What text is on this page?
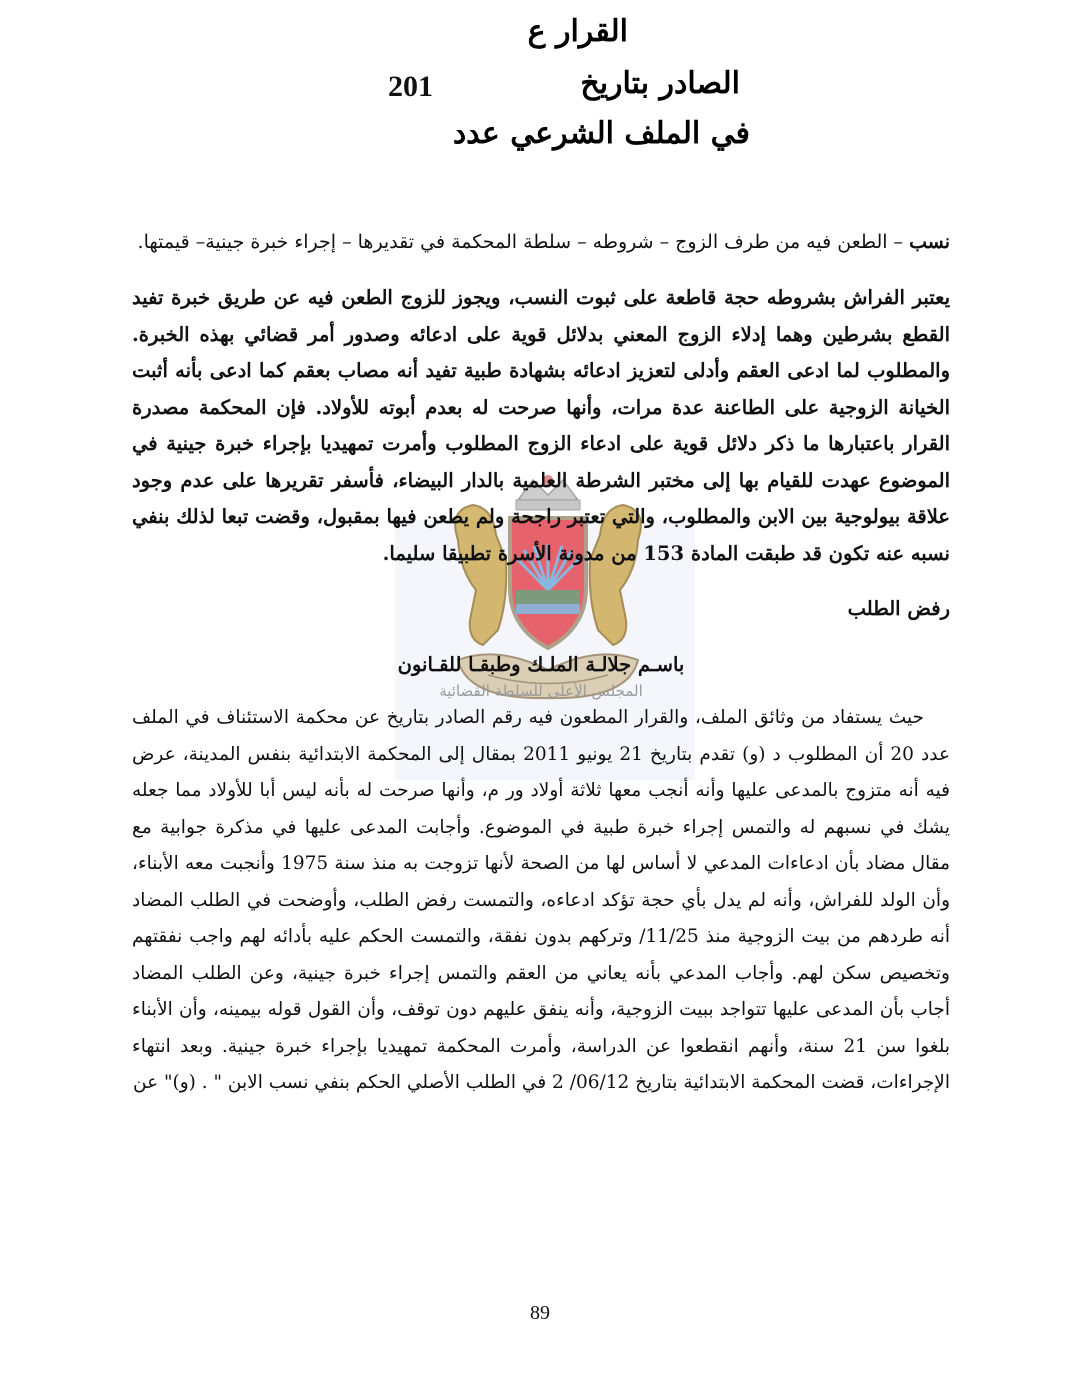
القرار ع
الصادر بتاريخ
201
في الملف الشرعي عدد

نسب – الطعن فيه من طرف الزوج – شروطه – سلطة المحكمة في تقديرها – إجراء خبرة جينية– قيمتها.

يعتبر الفراش بشروطه حجة قاطعة على ثبوت النسب، ويجوز للزوج الطعن فيه عن طريق خبرة تفيد القطع بشرطين وهما إدلاء الزوج المعني بدلائل قوية على ادعائه وصدور أمر قضائي بهذه الخبرة. والمطلوب لما ادعى العقم وأدلى لتعزيز ادعائه بشهادة طبية تفيد أنه مصاب بعقم كما ادعى بأنه أثبت الخيانة الزوجية على الطاعنة عدة مرات، وأنها صرحت له بعدم أبوته للأولاد. فإن المحكمة مصدرة القرار باعتبارها ما ذكر دلائل قوية على ادعاء الزوج المطلوب وأمرت تمهيديا بإجراء خبرة جينية في الموضوع عهدت للقيام بها إلى مختبر الشرطة العلمية بالدار البيضاء، فأسفر تقريرها على عدم وجود علاقة بيولوجية بين الابن والمطلوب، والتي تعتبر راجحة ولم يطعن فيها بمقبول، وقضت تبعا لذلك بنفي نسبه عنه تكون قد طبقت المادة 153 من مدونة الأسرة تطبيقا سليما.

رفض الطلب

باسـم جلالـة الملـك وطبقـا للقـانون

المجلس الأعلى للسلطة القضائية

حيث يستفاد من وثائق الملف، والقرار المطعون فيه رقم الصادر بتاريخ عن محكمة الاستئناف في الملف عدد 20 أن المطلوب د (و) تقدم بتاريخ 21 يونيو 2011 بمقال إلى المحكمة الابتدائية بنفس المدينة، عرض فيه أنه متزوج بالمدعى عليها وأنه أنجب معها ثلاثة أولاد ور م، وأنها صرحت له بأنه ليس أبا للأولاد مما جعله يشك في نسبهم له والتمس إجراء خبرة طبية في الموضوع. وأجابت المدعى عليها في مذكرة جوابية مع مقال مضاد بأن ادعاءات المدعي لا أساس لها من الصحة لأنها تزوجت به منذ سنة 1975 وأنجبت معه الأبناء، وأن الولد للفراش، وأنه لم يدل بأي حجة تؤكد ادعاءه، والتمست رفض الطلب، وأوضحت في الطلب المضاد أنه طردهم من بيت الزوجية منذ 11/25/ وتركهم بدون نفقة، والتمست الحكم عليه بأدائه لهم واجب نفقتهم وتخصيص سكن لهم. وأجاب المدعي بأنه يعاني من العقم والتمس إجراء خبرة جينية، وعن الطلب المضاد أجاب بأن المدعى عليها تتواجد ببيت الزوجية، وأنه ينفق عليهم دون توقف، وأن القول قوله بيمينه، وأن الأبناء بلغوا سن 21 سنة، وأنهم انقطعوا عن الدراسة، وأمرت المحكمة تمهيديا بإجراء خبرة جينية. وبعد انتهاء الإجراءات، قضت المحكمة الابتدائية بتاريخ 06/12/ 2 في الطلب الأصلي الحكم بنفي نسب الابن " . (و)" عن

89
